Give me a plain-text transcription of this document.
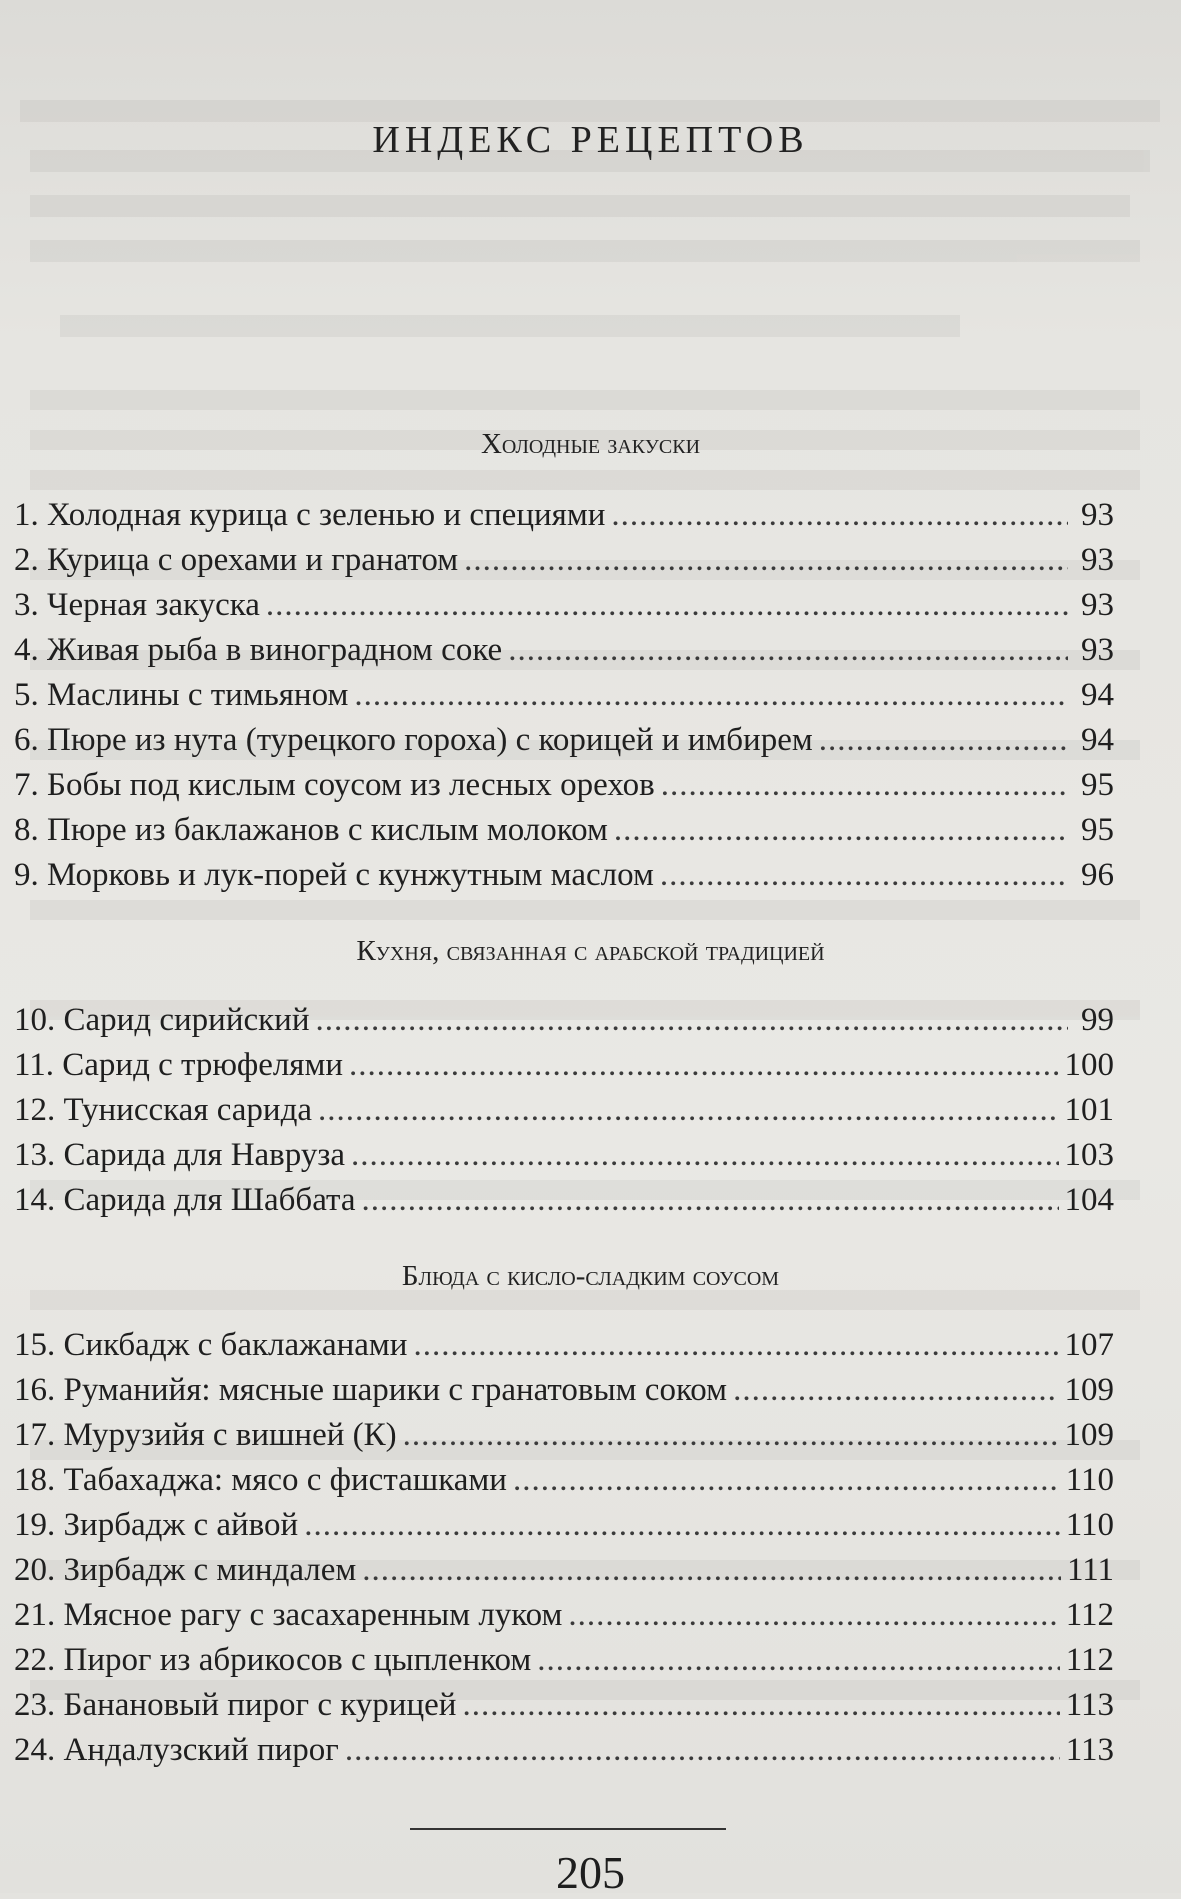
ИНДЕКС РЕЦЕПТОВ
Холодные закуски
1. Холодная курица с зеленью и специями .....	93
2. Курица с орехами и гранатом .....	93
3. Черная закуска .....	93
4. Живая рыба в виноградном соке .....	93
5. Маслины с тимьяном .....	94
6. Пюре из нута (турецкого гороха) с корицей и имбирем .....	94
7. Бобы под кислым соусом из лесных орехов .....	95
8. Пюре из баклажанов с кислым молоком .....	95
9. Морковь и лук-порей с кунжутным маслом .....	96
Кухня, связанная с арабской традицией
10. Сарид сирийский .....	99
11. Сарид с трюфелями .....	100
12. Тунисская сарида .....	101
13. Сарида для Навруза .....	103
14. Сарида для Шаббата .....	104
Блюда с кисло-сладким соусом
15. Сикбадж с баклажанами .....	107
16. Руманийя: мясные шарики с гранатовым соком .....	109
17. Мурузийя с вишней (К) .....	109
18. Табахаджа: мясо с фисташками .....	110
19. Зирбадж с айвой .....	110
20. Зирбадж с миндалем .....	111
21. Мясное рагу с засахаренным луком .....	112
22. Пирог из абрикосов с цыпленком .....	112
23. Банановый пирог с курицей .....	113
24. Андалузский пирог .....	113
205
